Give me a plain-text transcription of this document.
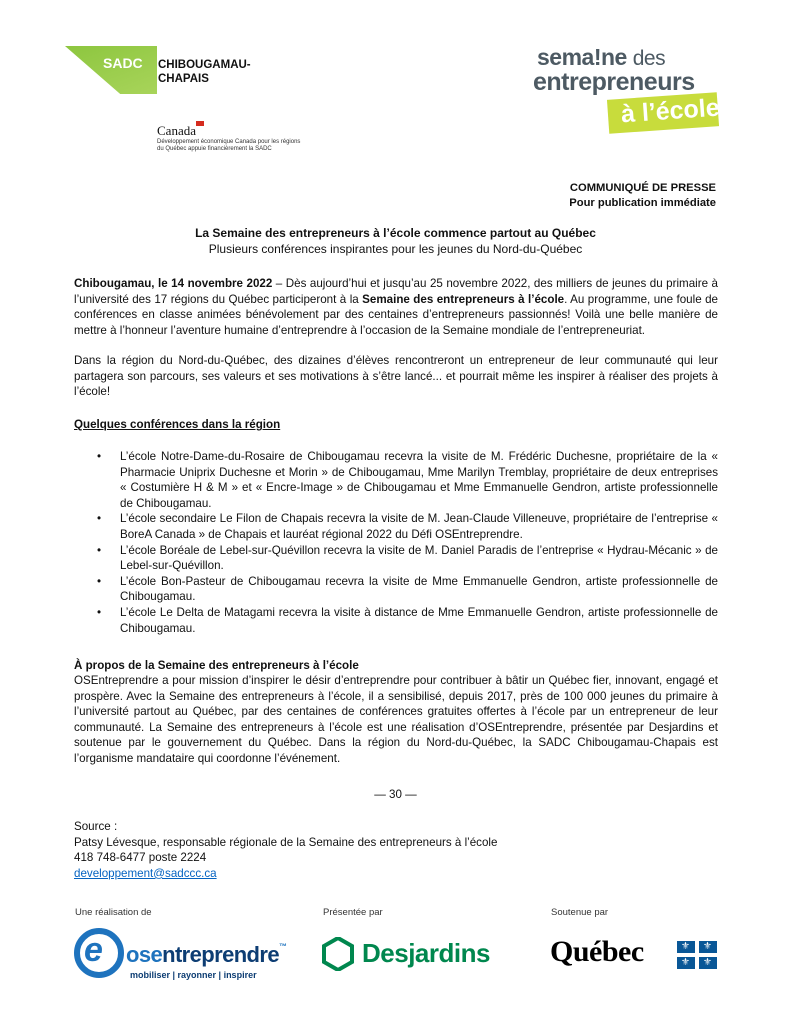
SADC CHIBOUGAMAU-
CHAPAIS
Canada
Développement économique Canada pour les régions du Québec appuie financièrement la SADC
sema!ne des
entrepreneurs
à l’école
COMMUNIQUÉ DE PRESSE
Pour publication immédiate
La Semaine des entrepreneurs à l’école commence partout au Québec
Plusieurs conférences inspirantes pour les jeunes du Nord-du-Québec
Chibougamau, le 14 novembre 2022 – Dès aujourd’hui et jusqu’au 25 novembre 2022, des milliers de jeunes du primaire à l’université des 17 régions du Québec participeront à la Semaine des entrepreneurs à l’école. Au programme, une foule de conférences en classe animées bénévolement par des centaines d’entrepreneurs passionnés! Voilà une belle manière de mettre à l’honneur l’aventure humaine d’entreprendre à l’occasion de la Semaine mondiale de l’entrepreneuriat.
Dans la région du Nord-du-Québec, des dizaines d’élèves rencontreront un entrepreneur de leur communauté qui leur partagera son parcours, ses valeurs et ses motivations à s’être lancé... et pourrait même les inspirer à réaliser des projets à l’école!
Quelques conférences dans la région
• L’école Notre-Dame-du-Rosaire de Chibougamau recevra la visite de M. Frédéric Duchesne, propriétaire de la « Pharmacie Uniprix Duchesne et Morin » de Chibougamau, Mme Marilyn Tremblay, propriétaire de deux entreprises « Costumière H & M » et « Encre-Image » de Chibougamau et Mme Emmanuelle Gendron, artiste professionnelle de Chibougamau.
• L’école secondaire Le Filon de Chapais recevra la visite de M. Jean-Claude Villeneuve, propriétaire de l’entreprise « BoreA Canada » de Chapais et lauréat régional 2022 du Défi OSEntreprendre.
• L’école Boréale de Lebel-sur-Quévillon recevra la visite de M. Daniel Paradis de l’entreprise « Hydrau-Mécanic » de Lebel-sur-Quévillon.
• L’école Bon-Pasteur de Chibougamau recevra la visite de Mme Emmanuelle Gendron, artiste professionnelle de Chibougamau.
• L’école Le Delta de Matagami recevra la visite à distance de Mme Emmanuelle Gendron, artiste professionnelle de Chibougamau.
À propos de la Semaine des entrepreneurs à l’école
OSEntreprendre a pour mission d’inspirer le désir d’entreprendre pour contribuer à bâtir un Québec fier, innovant, engagé et prospère. Avec la Semaine des entrepreneurs à l’école, il a sensibilisé, depuis 2017, près de 100 000 jeunes du primaire à l’université partout au Québec, par des centaines de conférences gratuites offertes à l’école par un entrepreneur de leur communauté. La Semaine des entrepreneurs à l’école est une réalisation d’OSEntreprendre, présentée par Desjardins et soutenue par le gouvernement du Québec. Dans la région du Nord-du-Québec, la SADC Chibougamau-Chapais est l’organisme mandataire qui coordonne l’événement.
— 30 —
Source :
Patsy Lévesque, responsable régionale de la Semaine des entrepreneurs à l’école
418 748-6477 poste 2224
developpement@sadccc.ca
Une réalisation de	Présentée par	Soutenue par
e osentreprendre™
mobiliser | rayonner | inspirer
Desjardins Québec	⚜ ⚜
⚜ ⚜
